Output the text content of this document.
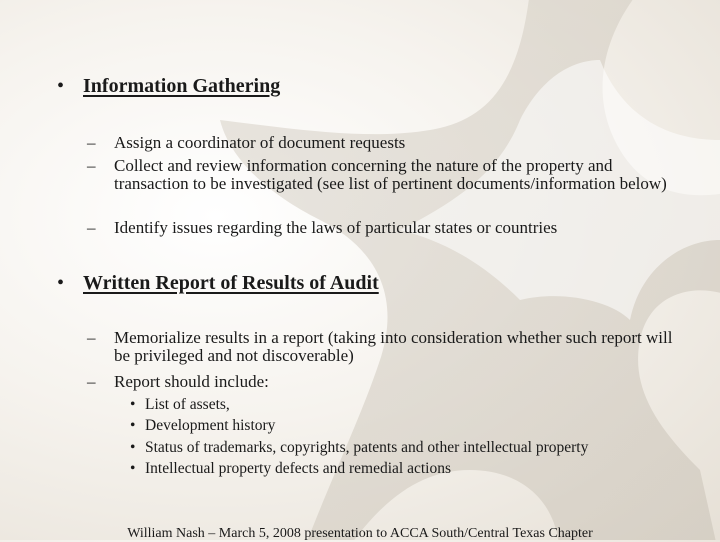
• Information Gathering
– Assign a coordinator of document requests
– Collect and review information concerning the nature of the property and transaction to be investigated (see list of pertinent documents/information below)
– Identify issues regarding the laws of particular states or countries
• Written Report of Results of Audit
– Memorialize results in a report (taking into consideration whether such report will be privileged and not discoverable)
– Report should include:
• List of assets,
• Development history
• Status of trademarks, copyrights, patents and other intellectual property
• Intellectual property defects and remedial actions
William Nash – March 5, 2008 presentation to ACCA South/Central Texas Chapter
